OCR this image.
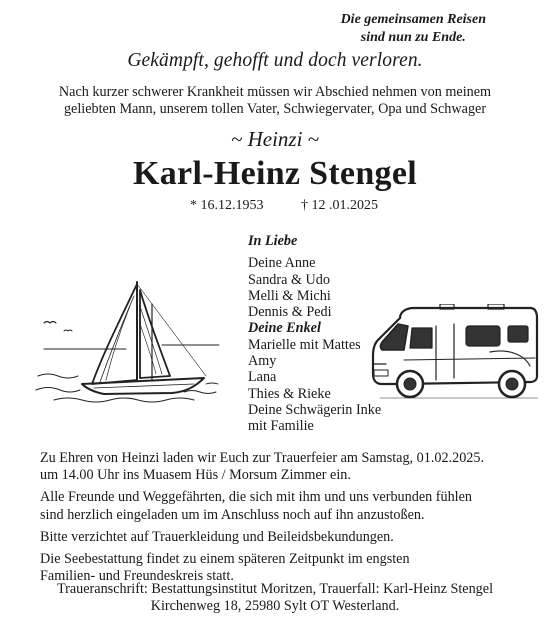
Die gemeinsamen Reisen
sind nun zu Ende.
Gekämpft, gehofft und doch verloren.
Nach kurzer schwerer Krankheit müssen wir Abschied nehmen von meinem
geliebten Mann, unserem tollen Vater, Schwiegervater, Opa und Schwager
~ Heinzi ~
Karl-Heinz Stengel
* 16.12.1953	† 12 .01.2025
In Liebe
Deine Anne
Sandra & Udo
Melli & Michi
Dennis & Pedi
Deine Enkel
Marielle mit Mattes
Amy
Lana
Thies & Rieke
Deine Schwägerin Inke
mit Familie

Zu Ehren von Heinzi laden wir Euch zur Trauerfeier am Samstag, 01.02.2025.
um 14.00 Uhr ins Muasem Hüs / Morsum Zimmer ein.

Alle Freunde und Weggefährten, die sich mit ihm und uns verbunden fühlen
sind herzlich eingeladen um im Anschluss noch auf ihn anzustoßen.

Bitte verzichtet auf Trauerkleidung und Beileidsbekundungen.

Die Seebestattung findet zu einem späteren Zeitpunkt im engsten
Familien- und Freundeskreis statt.

Traueranschrift: Bestattungsinstitut Moritzen, Trauerfall: Karl-Heinz Stengel
Kirchenweg 18, 25980 Sylt OT Westerland.
